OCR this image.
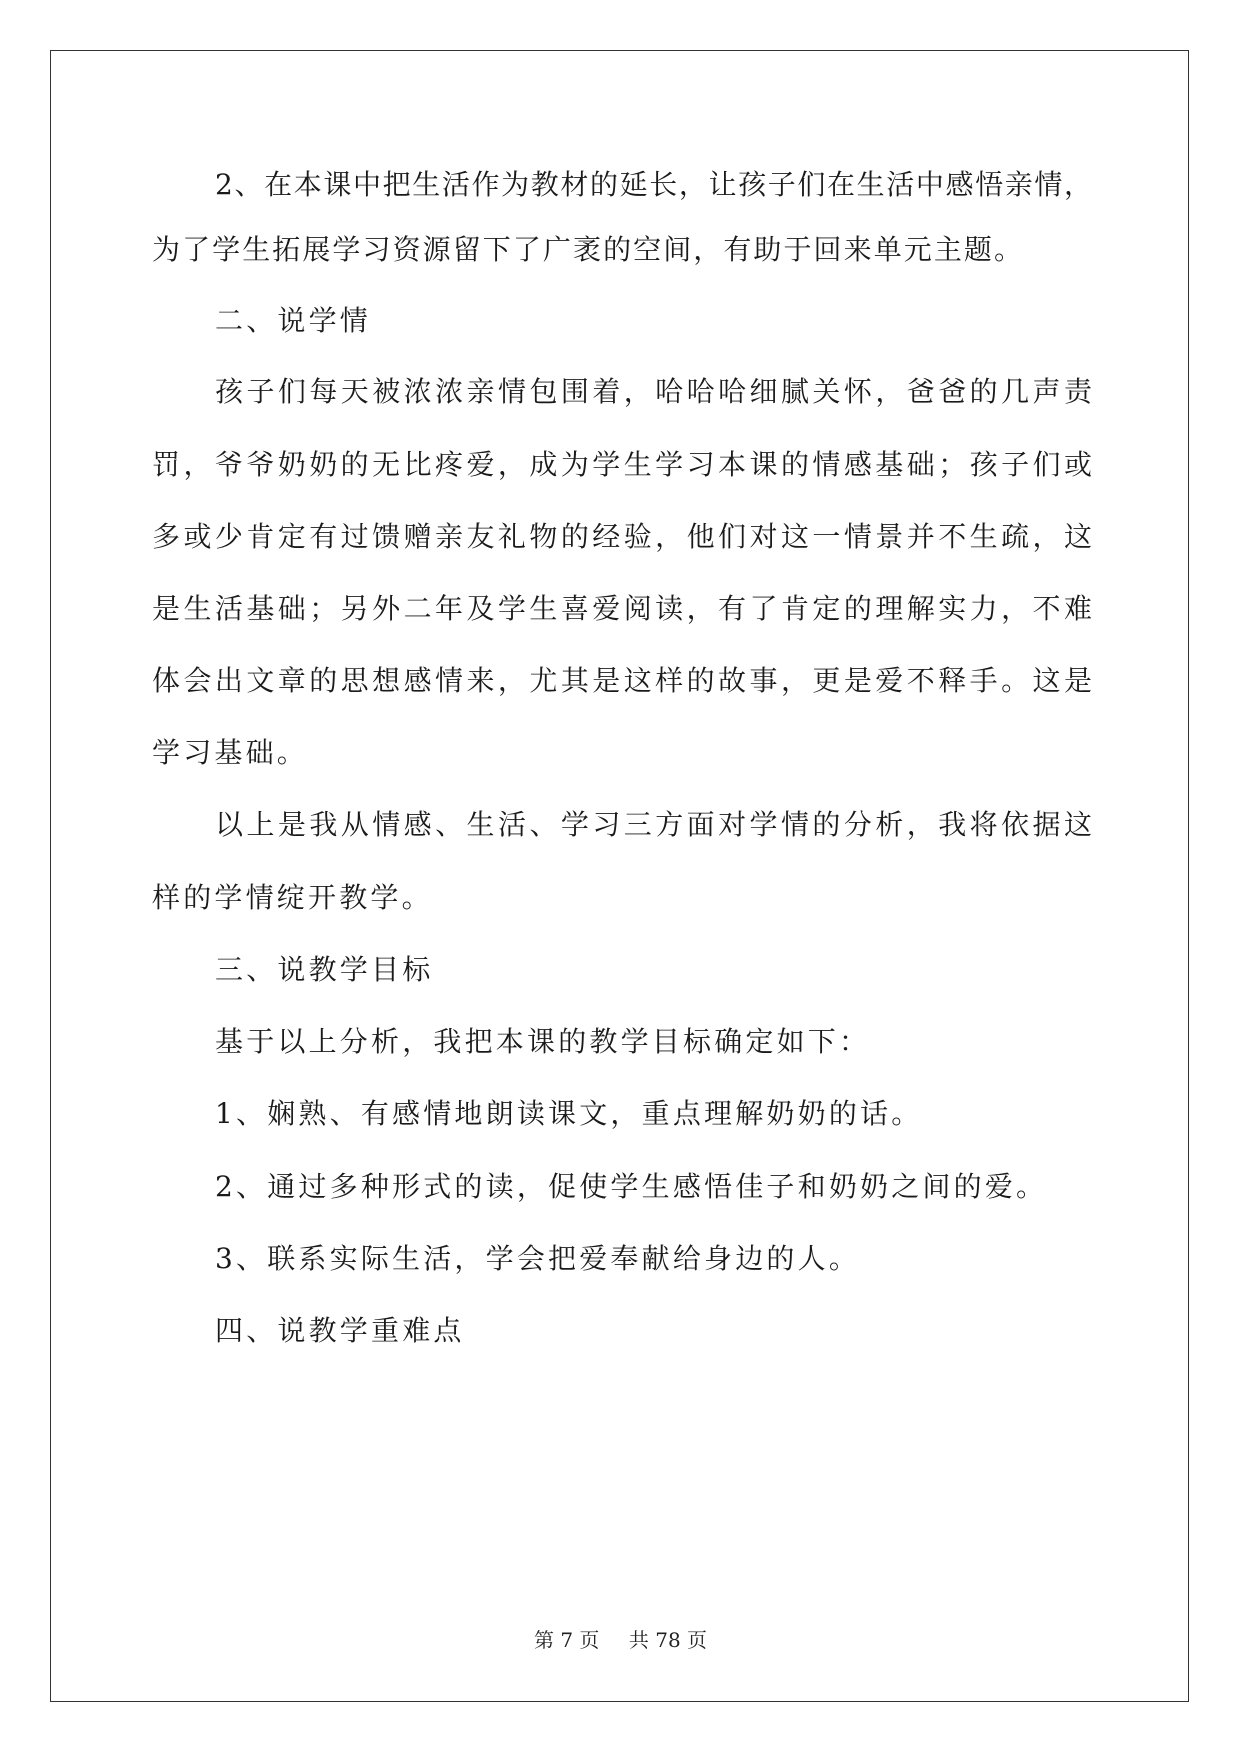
2、在本课中把生活作为教材的延长，让孩子们在生活中感悟亲情，
为了学生拓展学习资源留下了广袤的空间，有助于回来单元主题。
二、说学情
孩子们每天被浓浓亲情包围着，哈哈哈细腻关怀，爸爸的几声责
罚，爷爷奶奶的无比疼爱，成为学生学习本课的情感基础；孩子们或
多或少肯定有过馈赠亲友礼物的经验，他们对这一情景并不生疏，这
是生活基础；另外二年及学生喜爱阅读，有了肯定的理解实力，不难
体会出文章的思想感情来，尤其是这样的故事，更是爱不释手。这是
学习基础。
以上是我从情感、生活、学习三方面对学情的分析，我将依据这
样的学情绽开教学。
三、说教学目标
基于以上分析，我把本课的教学目标确定如下：
1、娴熟、有感情地朗读课文，重点理解奶奶的话。
2、通过多种形式的读，促使学生感悟佳子和奶奶之间的爱。
3、联系实际生活，学会把爱奉献给身边的人。
四、说教学重难点
第 7 页 共 78 页
